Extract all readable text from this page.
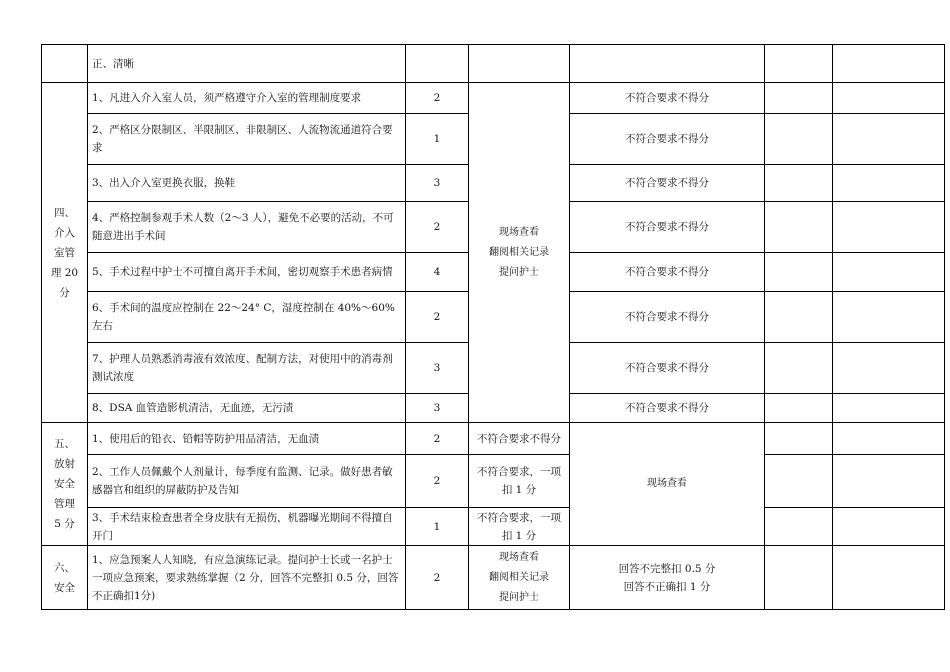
	正、清晰					

四、
介入
室管
理 20
分	1、凡进入介入室人员，须严格遵守介入室的管理制度要求	2	现场查看
翻阅相关记录
提问护士	不符合要求不得分		
	2、严格区分限制区、半限制区、非限制区、人流物流通道符合要求	1		不符合要求不得分		
	3、出入介入室更换衣服，换鞋	3		不符合要求不得分		
	4、严格控制参观手术人数（2～3 人），避免不必要的活动，不可随意进出手术间	2		不符合要求不得分		
	5、手术过程中护士不可擅自离开手术间，密切观察手术患者病情	4		不符合要求不得分		
	6、手术间的温度应控制在 22～24° C，湿度控制在 40%～60%左右	2		不符合要求不得分		
	7、护理人员熟悉消毒液有效浓度、配制方法，对使用中的消毒剂测试浓度	3		不符合要求不得分		
	8、DSA 血管造影机清洁，无血迹，无污渍	3		不符合要求不得分		

五、
放射
安全
管理
5 分	1、使用后的铅衣、铅帽等防护用品清洁，无血渍	2	不符合要求不得分	现场查看		

	2、工作人员佩戴个人剂量计，每季度有监测、记录。做好患者敏感器官和组织的屏蔽防护及告知	2	不符合要求，一项扣 1 分			
	3、手术结束检查患者全身皮肤有无损伤，机器曝光期间不得擅自开门	1	不符合要求，一项扣 1 分			

六、
安全	1、应急预案人人知晓，有应急演练记录。提问护士长或一名护士一项应急预案，要求熟练掌握（2 分，回答不完整扣 0.5 分，回答不正确扣1分)	2	现场查看
翻阅相关记录
提问护士	回答不完整扣 0.5 分
回答不正确扣 1 分		
